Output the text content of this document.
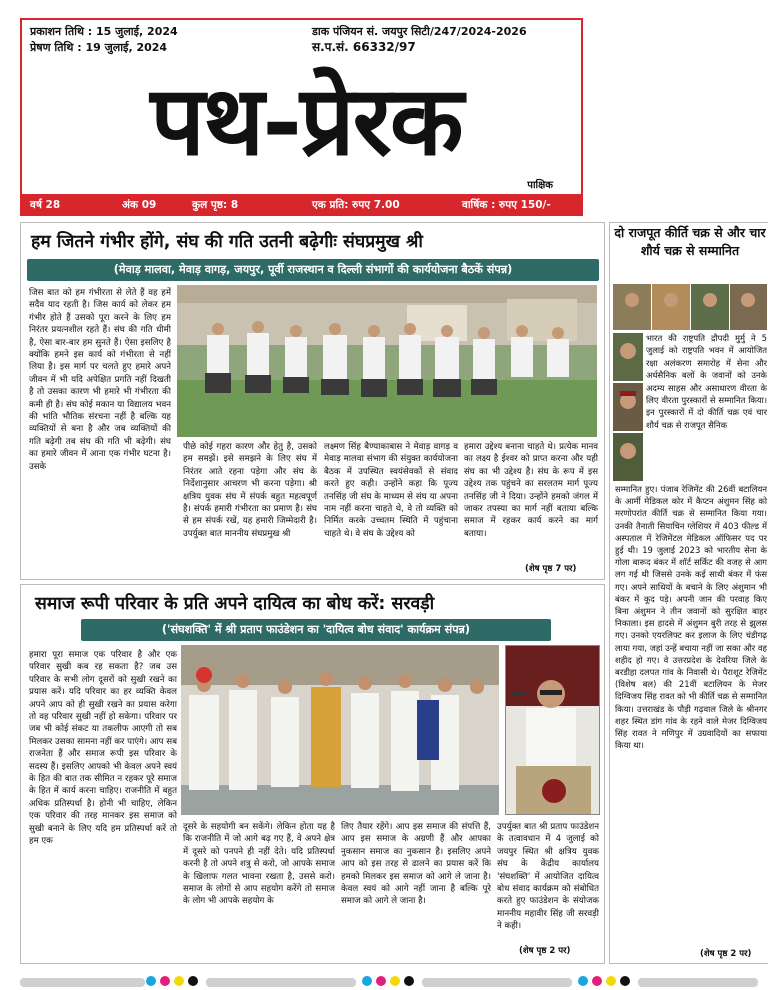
प्रकाशन तिथि : 15 जुलाई, 2024
प्रेषण तिथि : 19 जुलाई, 2024
डाक पंजियन सं. जयपुर सिटी/247/2024-2026
स.प.सं. 66332/97
पथ-प्रेरक
पाक्षिक
वर्ष 28	अंक 09	कुल पृष्ठ: 8	एक प्रति: रुपए 7.00	वार्षिक : रुपए 150/-
हम जितने गंभीर होंगे, संघ की गति उतनी बढ़ेगीः संघप्रमुख श्री
(मेवाड़ मालवा, मेवाड़ वागड़, जयपुर, पूर्वी राजस्थान व दिल्ली संभागों की कार्ययोजना बैठकें संपन्न)
जिस बात को हम गंभीरता से लेते हैं वह हमें सदैव याद रहती है। जिस कार्य को लेकर हम गंभीर होते हैं उसको पूरा करने के लिए हम निरंतर प्रयत्नशील रहते हैं। संघ की गति धीमी है, ऐसा बार-बार हम सुनते हैं। ऐसा इसलिए है क्योंकि हमने इस कार्य को गंभीरता से नहीं लिया है। इस मार्ग पर चलते हुए हमारे अपने जीवन में भी यदि अपेक्षित प्रगति नहीं दिखती है तो उसका कारण भी हमारे भी गंभीरता की कमी ही है। संघ कोई मकान या विद्यालय भवन की भांति भौतिक संरचना नहीं है बल्कि यह व्यक्तियों से बना है और जब व्यक्तियों की गति बढ़ेगी तब संघ की गति भी बढ़ेगी। संघ का हमारे जीवन में आना एक गंभीर घटना है। उसके
पीछे कोई गहरा कारण और हेतु है, उसको हम समझें। इसे समझने के लिए संघ में निरंतर आते रहना पड़ेगा और संघ के निर्देशानुसार आचरण भी करना पड़ेगा। श्री क्षत्रिय युवक संघ में संपर्क बहुत महत्वपूर्ण है। संपर्क हमारी गंभीरता का प्रमाण है। संघ से हम संपर्क रखें, यह हमारी जिम्मेदारी है। उपर्युक्त बात माननीय संघप्रमुख श्री
लक्ष्मण सिंह बैण्याकाबास ने मेवाड़ वागड़ व मेवाड़ मालवा संभाग की संयुक्त कार्ययोजना बैठक में उपस्थित स्वयंसेवकों से संवाद करते हुए कही। उन्होंने कहा कि पूज्य तनसिंह जी संघ के माध्यम से संघ या अपना नाम नहीं करना चाहते थे, वे तो व्यक्ति को निर्मित करके उच्चतम स्थिति में पहुंचाना चाहते थे। वे संघ के उद्देश्य को
हमारा उद्देश्य बनाना चाहते थे। प्रत्येक मानव का लक्ष्य है ईश्वर को प्राप्त करना और यही संघ का भी उद्देश्य है। संघ के रूप में इस उद्देश्य तक पहुंचने का सरलतम मार्ग पूज्य तनसिंह जी ने दिया। उन्होंने हमको जंगल में जाकर तपस्या का मार्ग नहीं बताया बल्कि समाज में रहकर कार्य करने का मार्ग बताया।
(शेष पृष्ठ 7 पर)
समाज रूपी परिवार के प्रति अपने दायित्व का बोध करें: सरवड़ी
('संघशक्ति' में श्री प्रताप फाउंडेशन का 'दायित्व बोध संवाद' कार्यक्रम संपन्न)
हमारा पूरा समाज एक परिवार है और एक परिवार सुखी कब रह सकता है? जब उस परिवार के सभी लोग दूसरों को सुखी रखने का प्रयास करें। यदि परिवार का हर व्यक्ति केवल अपने आप को ही सुखी रखने का प्रयास करेगा तो वह परिवार सुखी नहीं हो सकेगा। परिवार पर जब भी कोई संकट या तकलीफ आएगी तो सब मिलकर उसका सामना नहीं कर पाएंगे। आप सब राजनेता हैं और समाज रूपी इस परिवार के सदस्य हैं। इसलिए आपको भी केवल अपने स्वयं के हित की बात तक सीमित न रहकर पूरे समाज के हित में कार्य करना चाहिए। राजनीति में बहुत अधिक प्रतिस्पर्धा है। होनी भी चाहिए, लेकिन एक परिवार की तरह मानकर इस समाज को सुखी बनाने के लिए यदि हम प्रतिस्पर्धा करें तो हम एक
दूसरे के सहयोगी बन सकेंगे। लेकिन होता यह है कि राजनीति में जो आगे बढ़ गए हैं, वे अपने क्षेत्र में दूसरे को पनपने ही नहीं देते। यदि प्रतिस्पर्धा करनी है तो अपने शत्रु से करो, जो आपके समाज के खिलाफ गलत भावना रखता है, उससे करो। समाज के लोगों से आप सहयोग करेंगे तो समाज के लोग भी आपके सहयोग के
लिए तैयार रहेंगे। आप इस समाज की संपत्ति हैं, आप इस समाज के अग्रणी हैं और आपका नुकसान समाज का नुकसान है। इसलिए अपने आप को इस तरह से ढालने का प्रयास करें कि हमको मिलकर इस समाज को आगे ले जाना है। केवल स्वयं को आगे नहीं जाना है बल्कि पूरे समाज को आगे ले जाना है।
उपर्युक्त बात श्री प्रताप फाउंडेशन के तत्वावधान में 4 जुलाई को जयपुर स्थित श्री क्षत्रिय युवक संघ के केंद्रीय कार्यालय 'संघशक्ति' में आयोजित दायित्व बोध संवाद कार्यक्रम को संबोधित करते हुए फाउंडेशन के संयोजक माननीय महावीर सिंह जी सरवड़ी ने कही।
(शेष पृष्ठ 2 पर)
दो राजपूत कीर्ति चक्र से और चार शौर्य चक्र से सम्मानित
भारत की राष्ट्रपति द्रौपदी मुर्मु ने 5 जुलाई को राष्ट्रपति भवन में आयोजित रक्षा अलंकरण समारोह में सेना और अर्धसैनिक बलों के जवानों को उनके अदम्य साहस और असाधारण वीरता के लिए वीरता पुरस्कारों से सम्मानित किया। इन पुरस्कारों में दो कीर्ति चक्र एवं चार शौर्य चक्र से राजपूत सैनिक
सम्मानित हुए। पंजाब रेजिमेंट की 26वीं बटालियन के आर्मी मेडिकल कोर में कैप्टन अंशुमन सिंह को मरणोपरांत कीर्ति चक्र से सम्मानित किया गया। उनकी तैनाती सियाचिन ग्लेशियर में 403 फील्ड में अस्पताल में रेजिमेंटल मेडिकल ऑफिसर पद पर हुई थी। 19 जुलाई 2023 को भारतीय सेना के गोला बारूद बंकर में शॉर्ट सर्किट की वजह से आग लग गई थी जिससे उनके कई साथी बंकर में फंस गए। अपने साथियों के बचाने के लिए अंशुमान भी बंकर में कूद पड़े। अपनी जान की परवाह किए बिना अंशुमन ने तीन जवानों को सुरक्षित बाहर निकाला। इस हादसे में अंशुमन बुरी तरह से झुलस गए। उनको एयरलिफ्ट कर इलाज के लिए चंडीगढ़ लाया गया, जहां उन्हें बचाया नहीं जा सका और वह शहीद हो गए। वे उत्तरप्रदेश के देवरिया जिले के बरडीहा दलपत गांव के निवासी थे। पैराशूट रेजिमेंट (विशेष बल) की 21वीं बटालियन के मेजर दिग्विजय सिंह रावत को भी कीर्ति चक्र से सम्मानित किया। उत्तराखंड के पौड़ी गढ़वाल जिले के श्रीनगर शहर स्थित डांग गांव के रहने वाले मेजर दिग्विजय सिंह रावत ने मणिपुर में उग्रवादियों का सफाया किया था।
(शेष पृष्ठ 2 पर)
